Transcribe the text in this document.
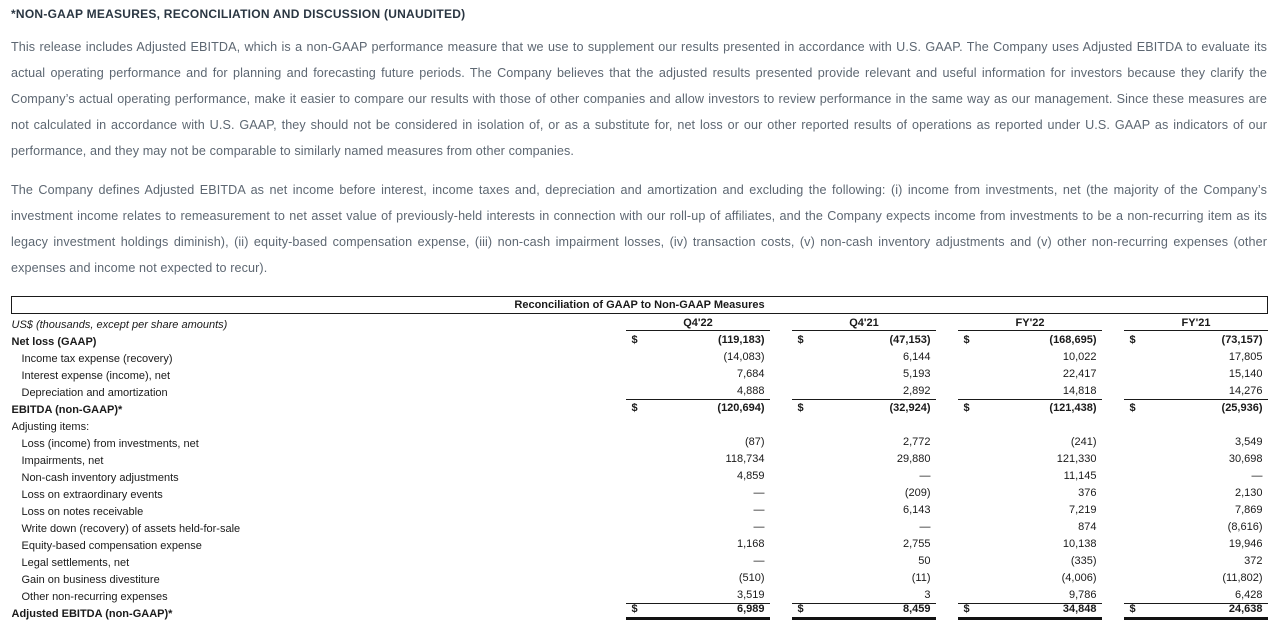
*NON-GAAP MEASURES, RECONCILIATION AND DISCUSSION (UNAUDITED)

This release includes Adjusted EBITDA, which is a non-GAAP performance measure that we use to supplement our results presented in accordance with U.S. GAAP. The Company uses Adjusted EBITDA to evaluate its actual operating performance and for planning and forecasting future periods. The Company believes that the adjusted results presented provide relevant and useful information for investors because they clarify the Company’s actual operating performance, make it easier to compare our results with those of other companies and allow investors to review performance in the same way as our management. Since these measures are not calculated in accordance with U.S. GAAP, they should not be considered in isolation of, or as a substitute for, net loss or our other reported results of operations as reported under U.S. GAAP as indicators of our performance, and they may not be comparable to similarly named measures from other companies.

The Company defines Adjusted EBITDA as net income before interest, income taxes and, depreciation and amortization and excluding the following: (i) income from investments, net (the majority of the Company’s investment income relates to remeasurement to net asset value of previously-held interests in connection with our roll-up of affiliates, and the Company expects income from investments to be a non-recurring item as its legacy investment holdings diminish), (ii) equity-based compensation expense, (iii) non-cash impairment losses, (iv) transaction costs, (v) non-cash inventory adjustments and (v) other non-recurring expenses (other expenses and income not expected to recur).

Reconciliation of GAAP to Non-GAAP Measures				
US$ (thousands, except per share amounts)	Q4'22	Q4'21	FY'22	FY'21

Net loss (GAAP)	$ (119,183)	$ (47,153)	$ (168,695)	$ (73,157)

Income tax expense (recovery)	(14,083)	6,144	10,022	17,805

Interest expense (income), net	7,684	5,193	22,417	15,140

Depreciation and amortization	4,888	2,892	14,818	14,276

EBITDA (non-GAAP)*	$ (120,694)	$ (32,924)	$ (121,438)	$ (25,936)

Adjusting items:	

Loss (income) from investments, net	(87)	2,772	(241)	3,549

Impairments, net	118,734	29,880	121,330	30,698

Non-cash inventory adjustments	4,859	—	11,145	—

Loss on extraordinary events	—	(209)	376	2,130

Loss on notes receivable	—	6,143	7,219	7,869

Write down (recovery) of assets held-for-sale	—	—	874	(8,616)

Equity-based compensation expense	1,168	2,755	10,138	19,946

Legal settlements, net	—	50	(335)	372

Gain on business divestiture	(510)	(11)	(4,006)	(11,802)

Other non-recurring expenses	3,519	3	9,786	6,428

Adjusted EBITDA (non-GAAP)*	$ 6,989	$ 8,459	$ 34,848	$ 24,638
